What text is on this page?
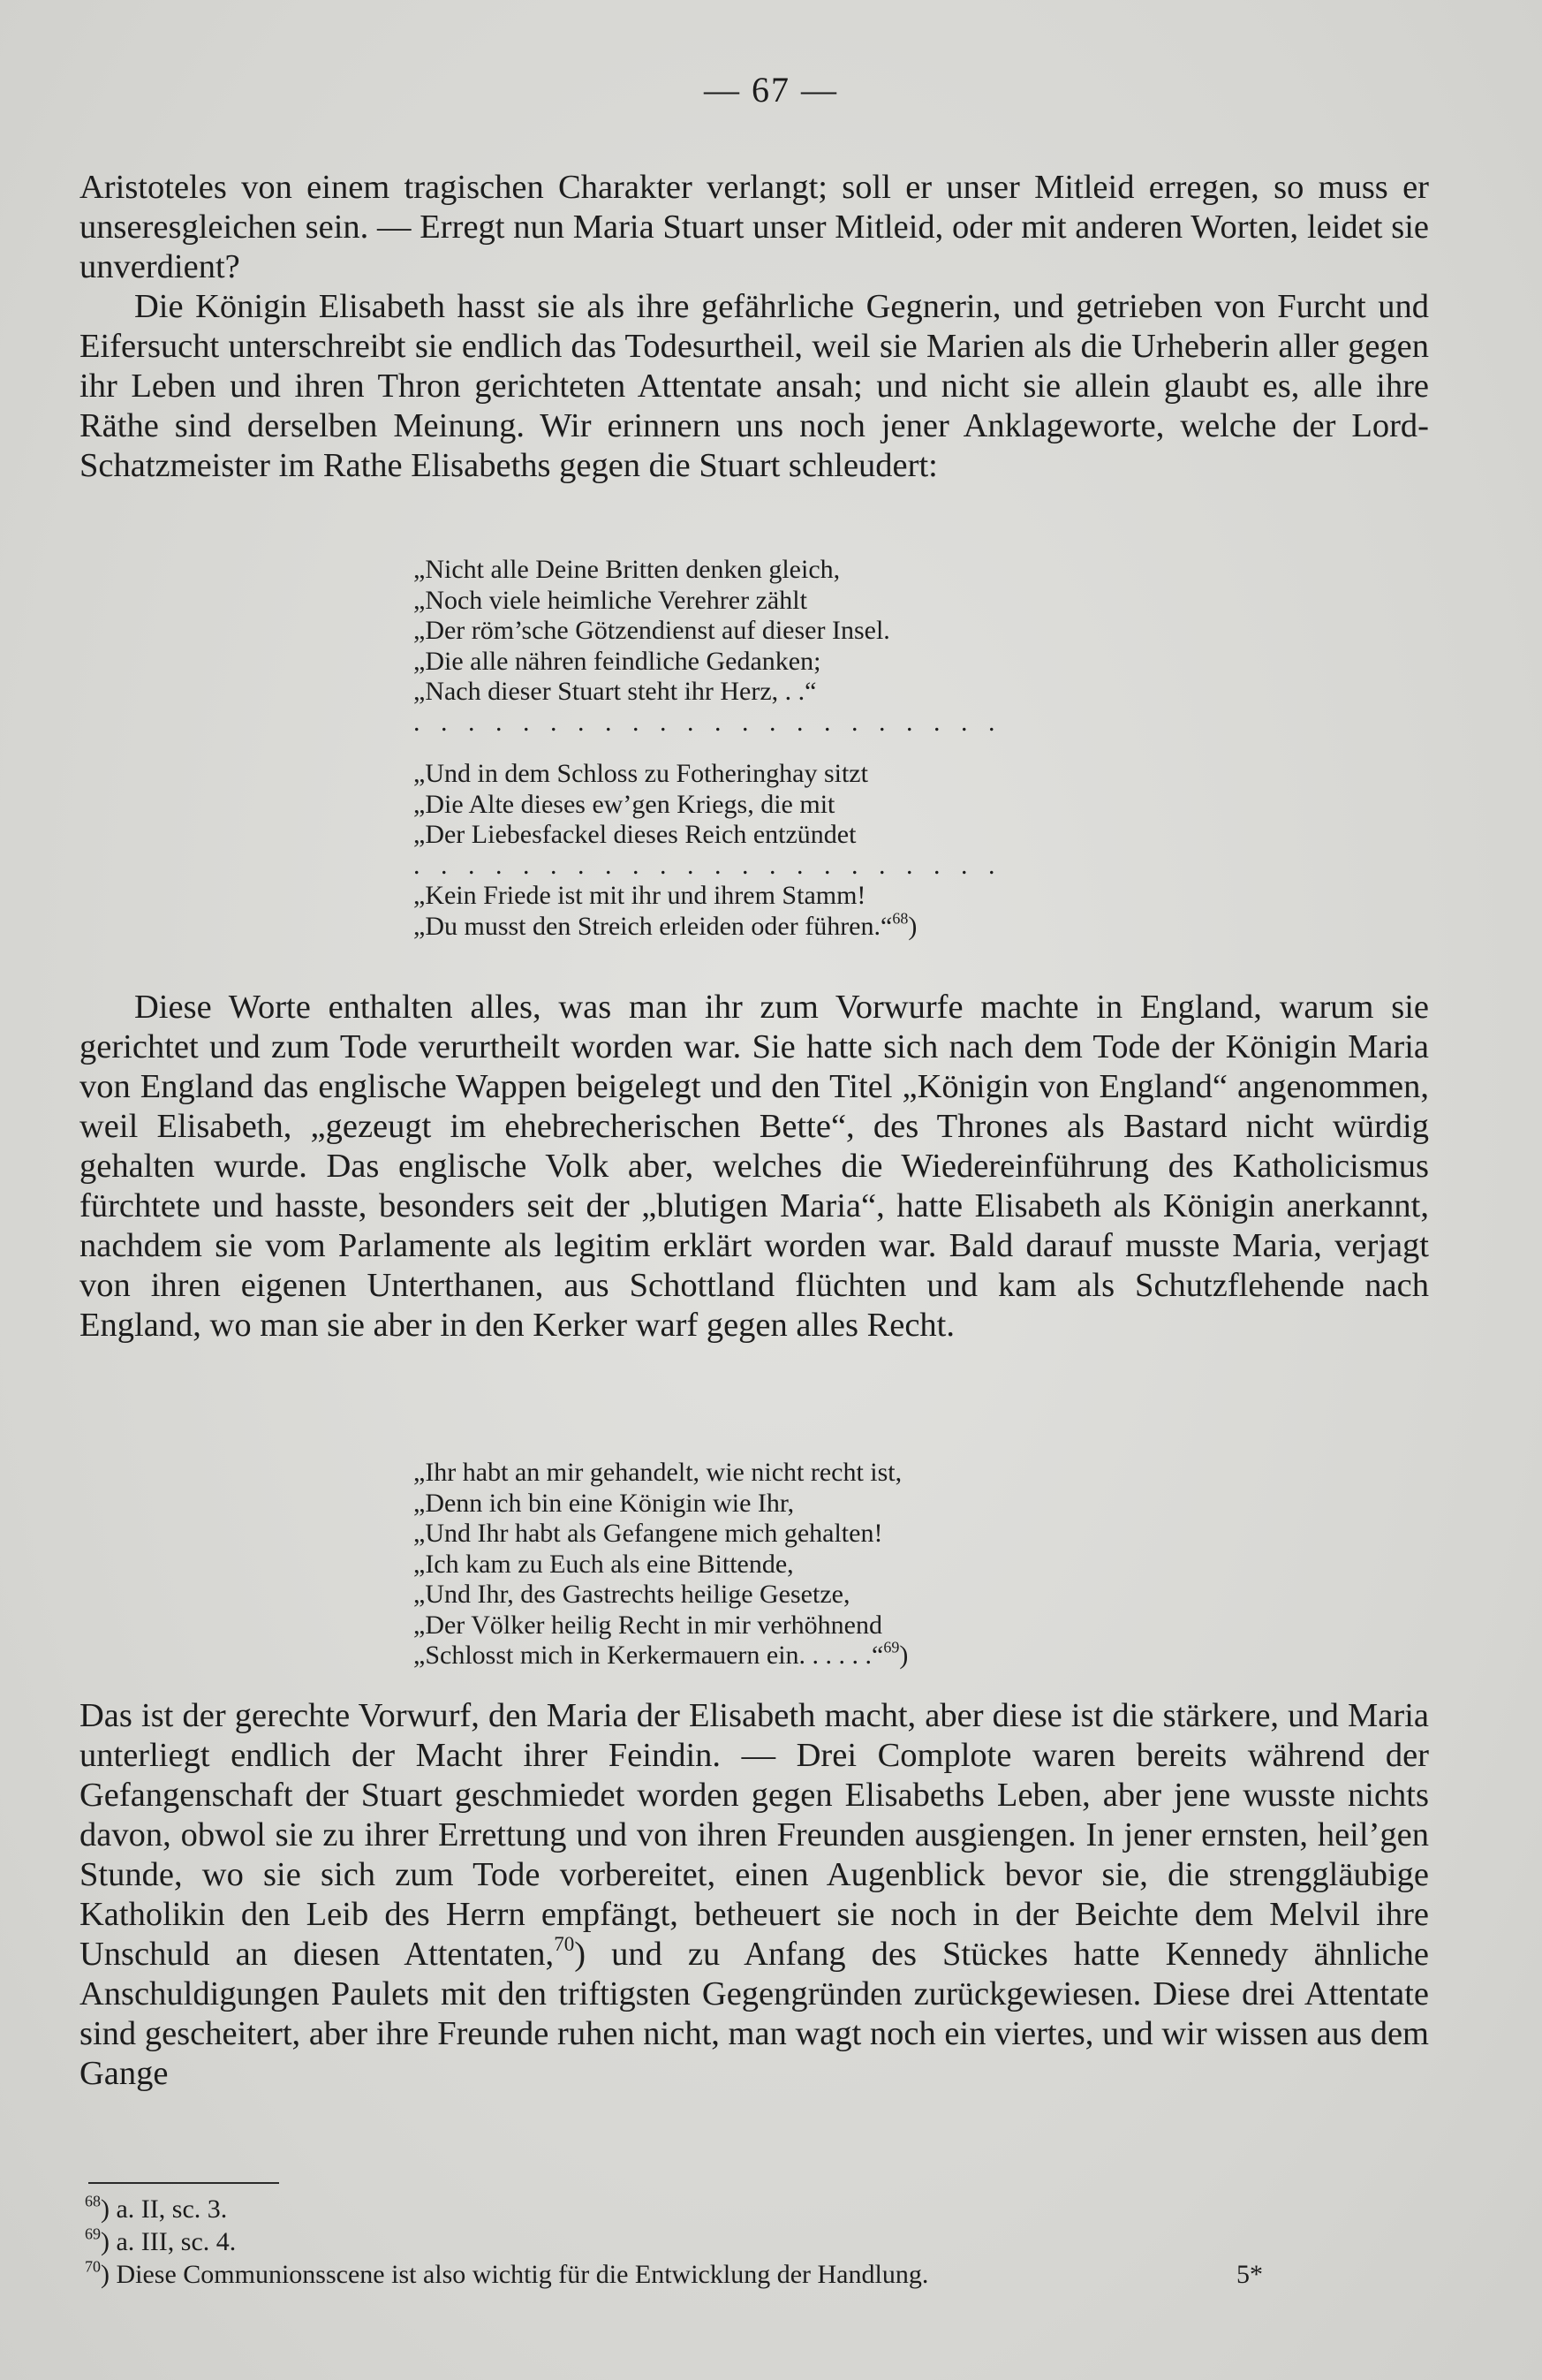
— 67 —

Aristoteles von einem tragischen Charakter verlangt; soll er unser Mitleid erregen, so muss er unseresgleichen sein. — Erregt nun Maria Stuart unser Mitleid, oder mit anderen Worten, leidet sie unverdient?

Die Königin Elisabeth hasst sie als ihre gefährliche Gegnerin, und getrieben von Furcht und Eifersucht unterschreibt sie endlich das Todesurtheil, weil sie Marien als die Urheberin aller gegen ihr Leben und ihren Thron gerichteten Attentate ansah; und nicht sie allein glaubt es, alle ihre Räthe sind derselben Meinung. Wir erinnern uns noch jener Anklageworte, welche der Lord-Schatzmeister im Rathe Elisabeths gegen die Stuart schleudert:

„Nicht alle Deine Britten denken gleich,
„Noch viele heimliche Verehrer zählt
„Der röm’sche Götzendienst auf dieser Insel.
„Die alle nähren feindliche Gedanken;
„Nach dieser Stuart steht ihr Herz, . .“
. . . . . . . . . . . . . . . . . . . . . .
„Und in dem Schloss zu Fotheringhay sitzt
„Die Alte dieses ew’gen Kriegs, die mit
„Der Liebesfackel dieses Reich entzündet
. . . . . . . . . . . . . . . . . . . . . .
„Kein Friede ist mit ihr und ihrem Stamm!
„Du musst den Streich erleiden oder führen.“$^{68}$)

Diese Worte enthalten alles, was man ihr zum Vorwurfe machte in England, warum sie gerichtet und zum Tode verurtheilt worden war. Sie hatte sich nach dem Tode der Königin Maria von England das englische Wappen beigelegt und den Titel „Königin von England“ angenommen, weil Elisabeth, „gezeugt im ehebrecherischen Bette“, des Thrones als Bastard nicht würdig gehalten wurde. Das englische Volk aber, welches die Wiedereinführung des Katholicismus fürchtete und hasste, besonders seit der „blutigen Maria“, hatte Elisabeth als Königin anerkannt, nachdem sie vom Parlamente als legitim erklärt worden war. Bald darauf musste Maria, verjagt von ihren eigenen Unterthanen, aus Schottland flüchten und kam als Schutzflehende nach England, wo man sie aber in den Kerker warf gegen alles Recht.

„Ihr habt an mir gehandelt, wie nicht recht ist,
„Denn ich bin eine Königin wie Ihr,
„Und Ihr habt als Gefangene mich gehalten!
„Ich kam zu Euch als eine Bittende,
„Und Ihr, des Gastrechts heilige Gesetze,
„Der Völker heilig Recht in mir verhöhnend
„Schlosst mich in Kerkermauern ein. . . . . .“$^{69}$)

Das ist der gerechte Vorwurf, den Maria der Elisabeth macht, aber diese ist die stärkere, und Maria unterliegt endlich der Macht ihrer Feindin. — Drei Complote waren bereits während der Gefangenschaft der Stuart geschmiedet worden gegen Elisabeths Leben, aber jene wusste nichts davon, obwol sie zu ihrer Errettung und von ihren Freunden ausgiengen. In jener ernsten, heil’gen Stunde, wo sie sich zum Tode vorbereitet, einen Augenblick bevor sie, die strenggläubige Katholikin den Leib des Herrn empfängt, betheuert sie noch in der Beichte dem Melvil ihre Unschuld an diesen Attentaten,$^{70}$) und zu Anfang des Stückes hatte Kennedy ähnliche Anschuldigungen Paulets mit den triftigsten Gegengründen zurückgewiesen. Diese drei Attentate sind gescheitert, aber ihre Freunde ruhen nicht, man wagt noch ein viertes, und wir wissen aus dem Gange

$^{68}$) a. II, sc. 3.
$^{69}$) a. III, sc. 4.
$^{70}$) Diese Communionsscene ist also wichtig für die Entwicklung der Handlung.	5*
